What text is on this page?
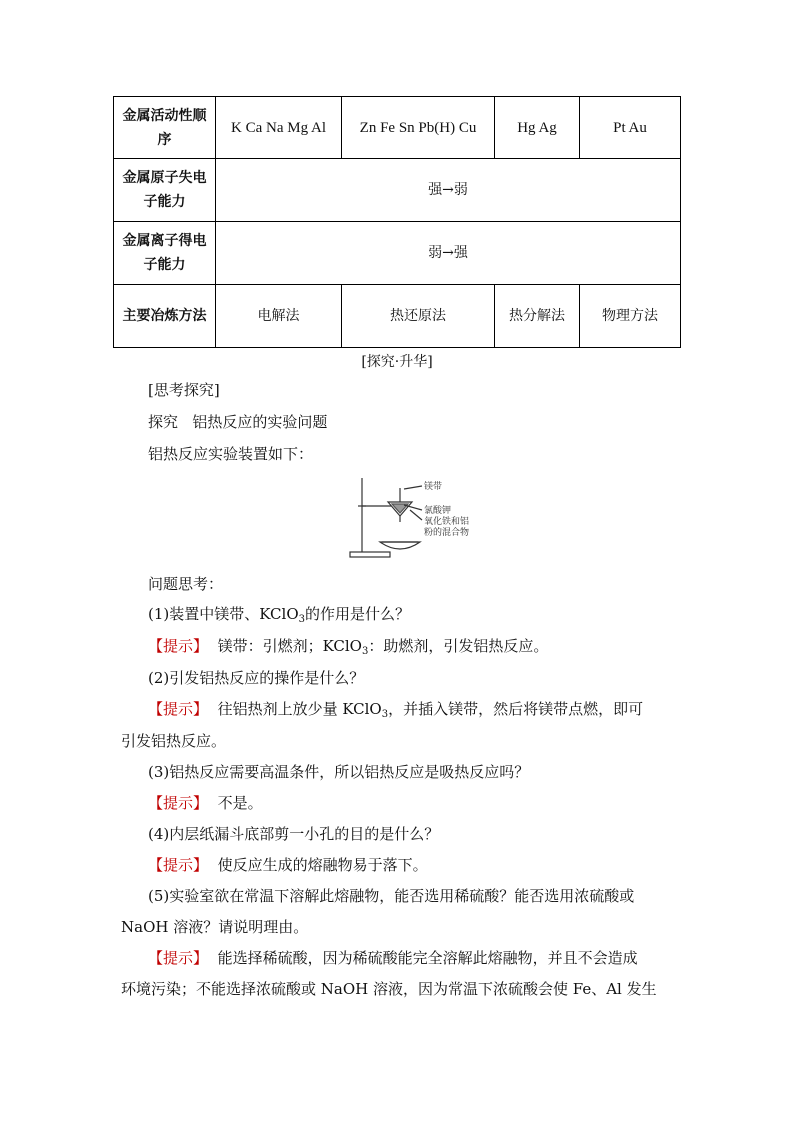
金属活动性顺序	K Ca Na Mg Al	Zn Fe Sn Pb(H) Cu	Hg Ag	Pt Au
金属原子失电子能力	强→弱			
金属离子得电子能力	弱→强			
主要冶炼方法	电解法	热还原法	热分解法	物理方法
[探究·升华]
[思考探究]
探究 铝热反应的实验问题
铝热反应实验装置如下：
镁带
氯酸钾
氧化铁和铝
粉的混合物
问题思考：
(1)装置中镁带、KClO$_3$的作用是什么？
【提示】 镁带：引燃剂；KClO$_3$：助燃剂，引发铝热反应。
(2)引发铝热反应的操作是什么？
【提示】 往铝热剂上放少量 KClO$_3$，并插入镁带，然后将镁带点燃，即可
引发铝热反应。
(3)铝热反应需要高温条件，所以铝热反应是吸热反应吗？
【提示】 不是。
(4)内层纸漏斗底部剪一小孔的目的是什么？
【提示】 使反应生成的熔融物易于落下。
(5)实验室欲在常温下溶解此熔融物，能否选用稀硫酸？能否选用浓硫酸或
NaOH 溶液？请说明理由。
【提示】 能选择稀硫酸，因为稀硫酸能完全溶解此熔融物，并且不会造成
环境污染；不能选择浓硫酸或 NaOH 溶液，因为常温下浓硫酸会使 Fe、Al 发生
